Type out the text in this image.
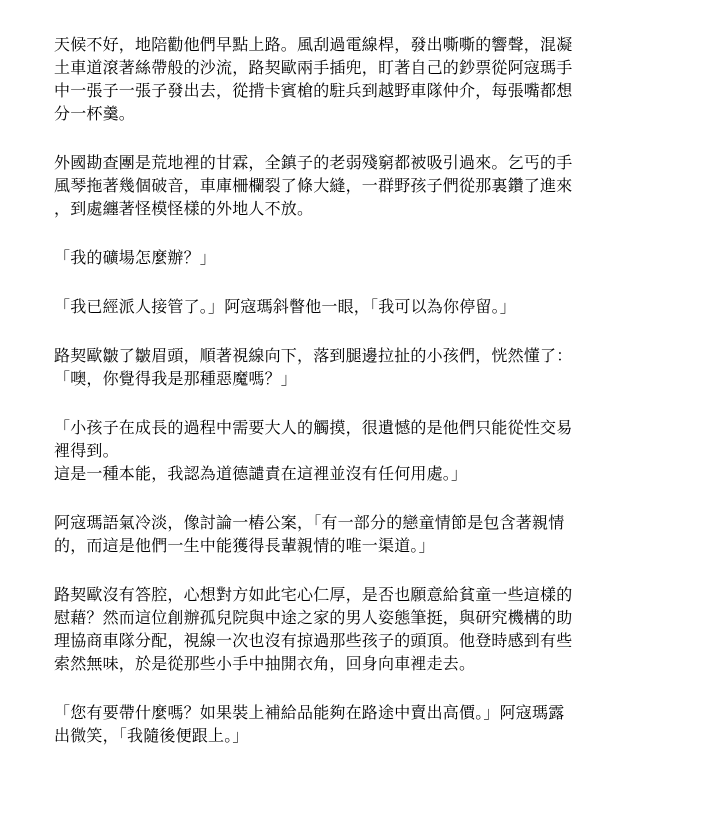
天候不好，地陪勸他們早點上路。風刮過電線桿，發出嘶嘶的響聲，混凝
土車道滾著絲帶般的沙流，路契歐兩手插兜，盯著自己的鈔票從阿寇瑪手
中一張子一張子發出去，從揹卡賓槍的駐兵到越野車隊仲介，每張嘴都想
分一杯羹。

外國勘查團是荒地裡的甘霖，全鎮子的老弱殘窮都被吸引過來。乞丐的手
風琴拖著幾個破音，車庫柵欄裂了條大縫，一群野孩子們從那裏鑽了進來
，到處纏著怪模怪樣的外地人不放。

「我的礦場怎麼辦？」

「我已經派人接管了。」阿寇瑪斜瞥他一眼，「我可以為你停留。」

路契歐皺了皺眉頭，順著視線向下，落到腿邊拉扯的小孩們，恍然懂了：
「噢，你覺得我是那種惡魔嗎？」

「小孩子在成長的過程中需要大人的觸摸，很遺憾的是他們只能從性交易
裡得到。
這是一種本能，我認為道德譴責在這裡並沒有任何用處。」

阿寇瑪語氣冷淡，像討論一樁公案，「有一部分的戀童情節是包含著親情
的，而這是他們一生中能獲得長輩親情的唯一渠道。」

路契歐沒有答腔，心想對方如此宅心仁厚，是否也願意給貧童一些這樣的
慰藉？然而這位創辦孤兒院與中途之家的男人姿態筆挺，與研究機構的助
理協商車隊分配，視線一次也沒有掠過那些孩子的頭頂。他登時感到有些
索然無味，於是從那些小手中抽開衣角，回身向車裡走去。

「您有要帶什麼嗎？如果裝上補給品能夠在路途中賣出高價。」阿寇瑪露
出微笑，「我隨後便跟上。」
